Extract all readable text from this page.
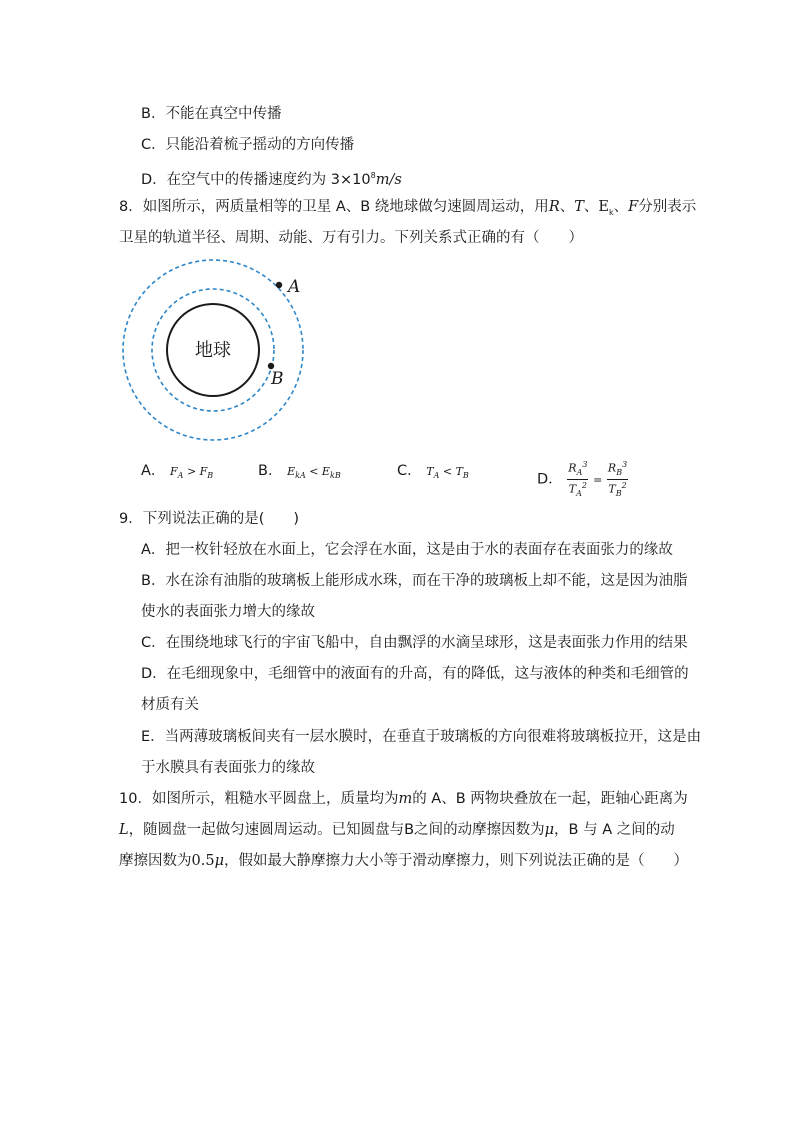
B．不能在真空中传播
C．只能沿着梳子摇动的方向传播
D．在空气中的传播速度约为 $3\times 10^8m/s$
8．如图所示，两质量相等的卫星 A、B 绕地球做匀速圆周运动，用R、T、$E_k$、F分别表示
卫星的轨道半径、周期、动能、万有引力。下列关系式正确的有（　　）
地球
A
B
A． $F_A > F_B$	B． $E_{kA} < E_{kB}$	C． $T_A < T_B$	D． $\frac{R_A^3}{T_A^2} = \frac{R_B^3}{T_B^2}$
9．下列说法正确的是(　　)
A．把一枚针轻放在水面上，它会浮在水面，这是由于水的表面存在表面张力的缘故
B．水在涂有油脂的玻璃板上能形成水珠，而在干净的玻璃板上却不能，这是因为油脂
使水的表面张力增大的缘故
C．在围绕地球飞行的宇宙飞船中，自由飘浮的水滴呈球形，这是表面张力作用的结果
D．在毛细现象中，毛细管中的液面有的升高，有的降低，这与液体的种类和毛细管的
材质有关
E．当两薄玻璃板间夹有一层水膜时，在垂直于玻璃板的方向很难将玻璃板拉开，这是由
于水膜具有表面张力的缘故
10．如图所示，粗糙水平圆盘上，质量均为m的 A、B 两物块叠放在一起，距轴心距离为
L，随圆盘一起做匀速圆周运动。已知圆盘与B之间的动摩擦因数为μ，B 与 A 之间的动
摩擦因数为0.5μ，假如最大静摩擦力大小等于滑动摩擦力，则下列说法正确的是（　　）
